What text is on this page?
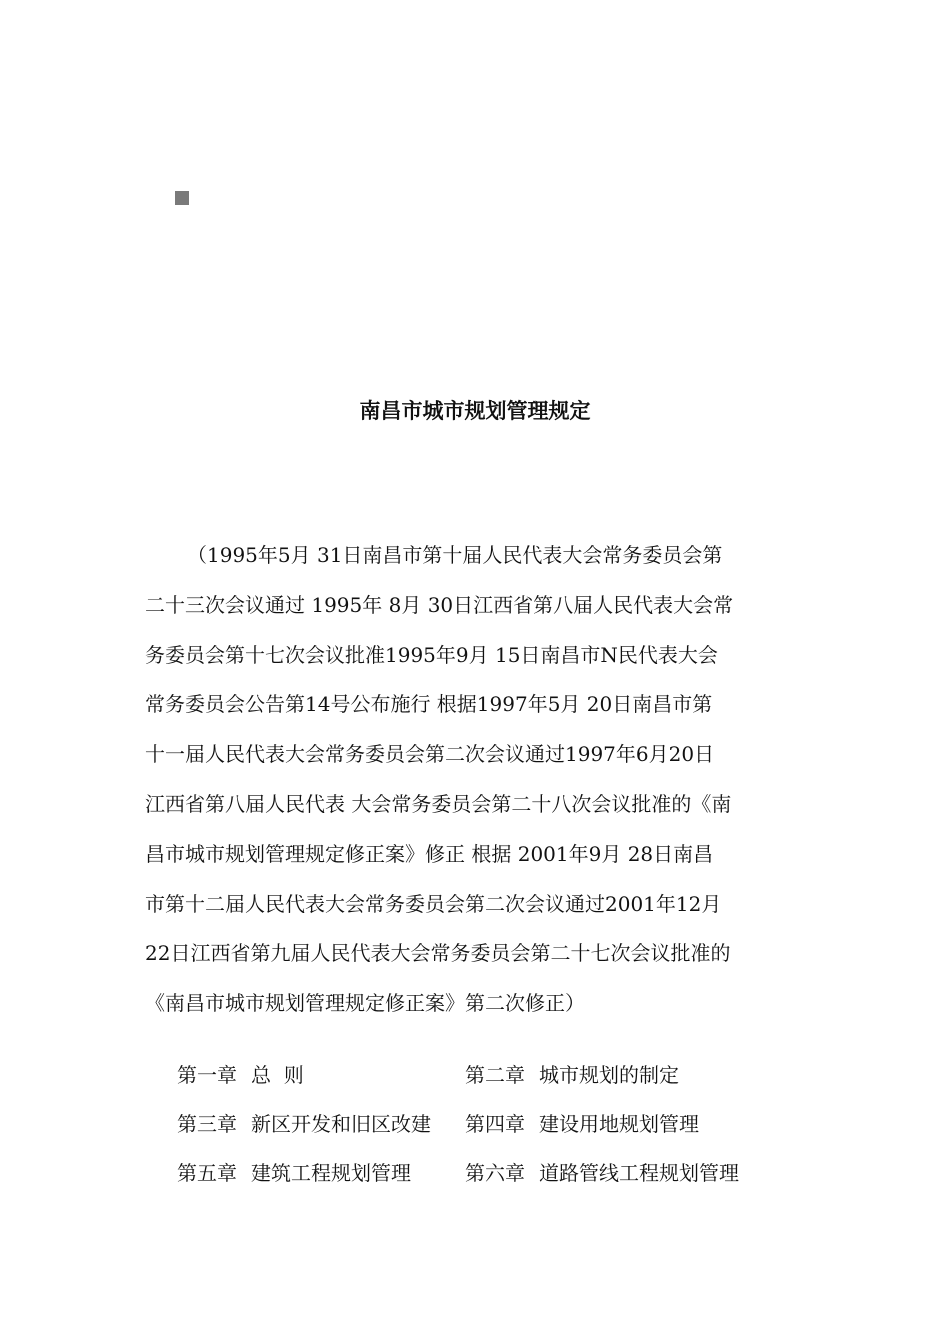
南昌市城市规划管理规定
（1995年5月 31日南昌市第十届人民代表大会常务委员会第
二十三次会议通过 1995年 8月 30日江西省第八届人民代表大会常
务委员会第十七次会议批准1995年9月 15日南昌市N民代表大会
常务委员会公告第14号公布施行 根据1997年5月 20日南昌市第
十一届人民代表大会常务委员会第二次会议通过1997年6月20日
江西省第八届人民代表 大会常务委员会第二十八次会议批准的《南
昌市城市规划管理规定修正案》修正 根据 2001年9月 28日南昌
市第十二届人民代表大会常务委员会第二次会议通过2001年12月
22日江西省第九届人民代表大会常务委员会第二十七次会议批准的
《南昌市城市规划管理规定修正案》第二次修正）
第一章 总  则	第二章 城市规划的制定
第三章 新区开发和旧区改建 第四章 建设用地规划管理
第五章 建筑工程规划管理	第六章 道路管线工程规划管理
